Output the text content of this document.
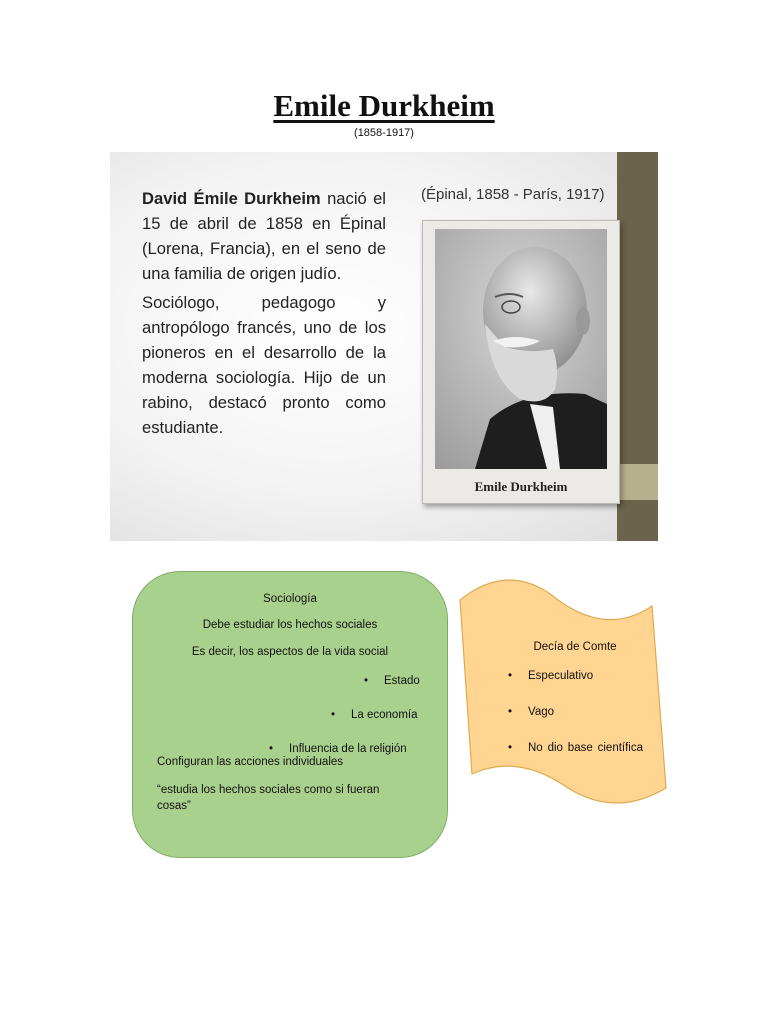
Emile Durkheim
(1858-1917)

David Émile Durkheim nació el 15 de abril de 1858 en Épinal (Lorena, Francia), en el seno de una familia de origen judío.

Sociólogo, pedagogo y antropólogo francés, uno de los pioneros en el desarrollo de la moderna sociología. Hijo de un rabino, destacó pronto como estudiante.

(Épinal, 1858 - París, 1917)
Emile Durkheim
Sociología
Debe estudiar los hechos sociales
Es decir, los aspectos de la vida social
• Estado
• La economía
• Influencia de la religión
Configuran las acciones individuales
“estudia los hechos sociales como si fueran cosas”
Decía de Comte
• Especulativo
• Vago
• No dio base científica
